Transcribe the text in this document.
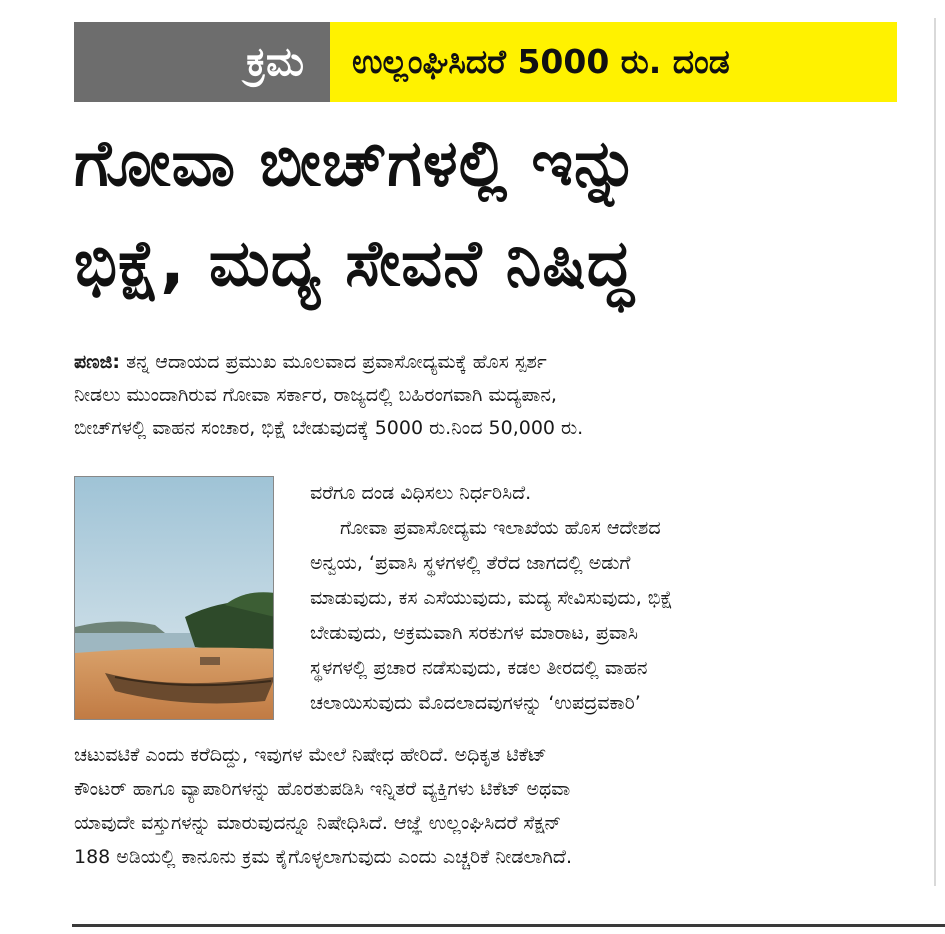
ಕ್ರಮ	ಉಲ್ಲಂಘಿಸಿದರೆ 5000 ರು. ದಂಡ
ಗೋವಾ ಬೀಚ್‌ಗಳಲ್ಲಿ ಇನ್ನು
ಭಿಕ್ಷೆ, ಮದ್ಯ ಸೇವನೆ ನಿಷಿದ್ಧ
ಪಣಜಿ: ತನ್ನ ಆದಾಯದ ಪ್ರಮುಖ ಮೂಲವಾದ ಪ್ರವಾಸೋದ್ಯಮಕ್ಕೆ ಹೊಸ ಸ್ಪರ್ಶ
ನೀಡಲು ಮುಂದಾಗಿರುವ ಗೋವಾ ಸರ್ಕಾರ, ರಾಜ್ಯದಲ್ಲಿ ಬಹಿರಂಗವಾಗಿ ಮದ್ಯಪಾನ,
ಬೀಚ್‌ಗಳಲ್ಲಿ ವಾಹನ ಸಂಚಾರ, ಭಿಕ್ಷೆ ಬೇಡುವುದಕ್ಕೆ 5000 ರು.ನಿಂದ 50,000 ರು.
ವರೆಗೂ ದಂಡ ವಿಧಿಸಲು ನಿರ್ಧರಿಸಿದೆ.
ಗೋವಾ ಪ್ರವಾಸೋದ್ಯಮ ಇಲಾಖೆಯ ಹೊಸ ಆದೇಶದ
ಅನ್ವಯ, ‘ಪ್ರವಾಸಿ ಸ್ಥಳಗಳಲ್ಲಿ ತೆರೆದ ಜಾಗದಲ್ಲಿ ಅಡುಗೆ
ಮಾಡುವುದು, ಕಸ ಎಸೆಯುವುದು, ಮದ್ಯ ಸೇವಿಸುವುದು, ಭಿಕ್ಷೆ
ಬೇಡುವುದು, ಅಕ್ರಮವಾಗಿ ಸರಕುಗಳ ಮಾರಾಟ, ಪ್ರವಾಸಿ
ಸ್ಥಳಗಳಲ್ಲಿ ಪ್ರಚಾರ ನಡೆಸುವುದು, ಕಡಲ ತೀರದಲ್ಲಿ ವಾಹನ
ಚಲಾಯಿಸುವುದು ಮೊದಲಾದವುಗಳನ್ನು ‘ಉಪದ್ರವಕಾರಿ’
ಚಟುವಟಿಕೆ ಎಂದು ಕರೆದಿದ್ದು, ಇವುಗಳ ಮೇಲೆ ನಿಷೇಧ ಹೇರಿದೆ. ಅಧಿಕೃತ ಟಿಕೆಟ್
ಕೌಂಟರ್ ಹಾಗೂ ವ್ಯಾಪಾರಿಗಳನ್ನು ಹೊರತುಪಡಿಸಿ ಇನ್ನಿತರೆ ವ್ಯಕ್ತಿಗಳು ಟಿಕೆಟ್ ಅಥವಾ
ಯಾವುದೇ ವಸ್ತುಗಳನ್ನು ಮಾರುವುದನ್ನೂ ನಿಷೇಧಿಸಿದೆ. ಆಜ್ಞೆ ಉಲ್ಲಂಘಿಸಿದರೆ ಸೆಕ್ಷನ್
188 ಅಡಿಯಲ್ಲಿ ಕಾನೂನು ಕ್ರಮ ಕೈಗೊಳ್ಳಲಾಗುವುದು ಎಂದು ಎಚ್ಚರಿಕೆ ನೀಡಲಾಗಿದೆ.
